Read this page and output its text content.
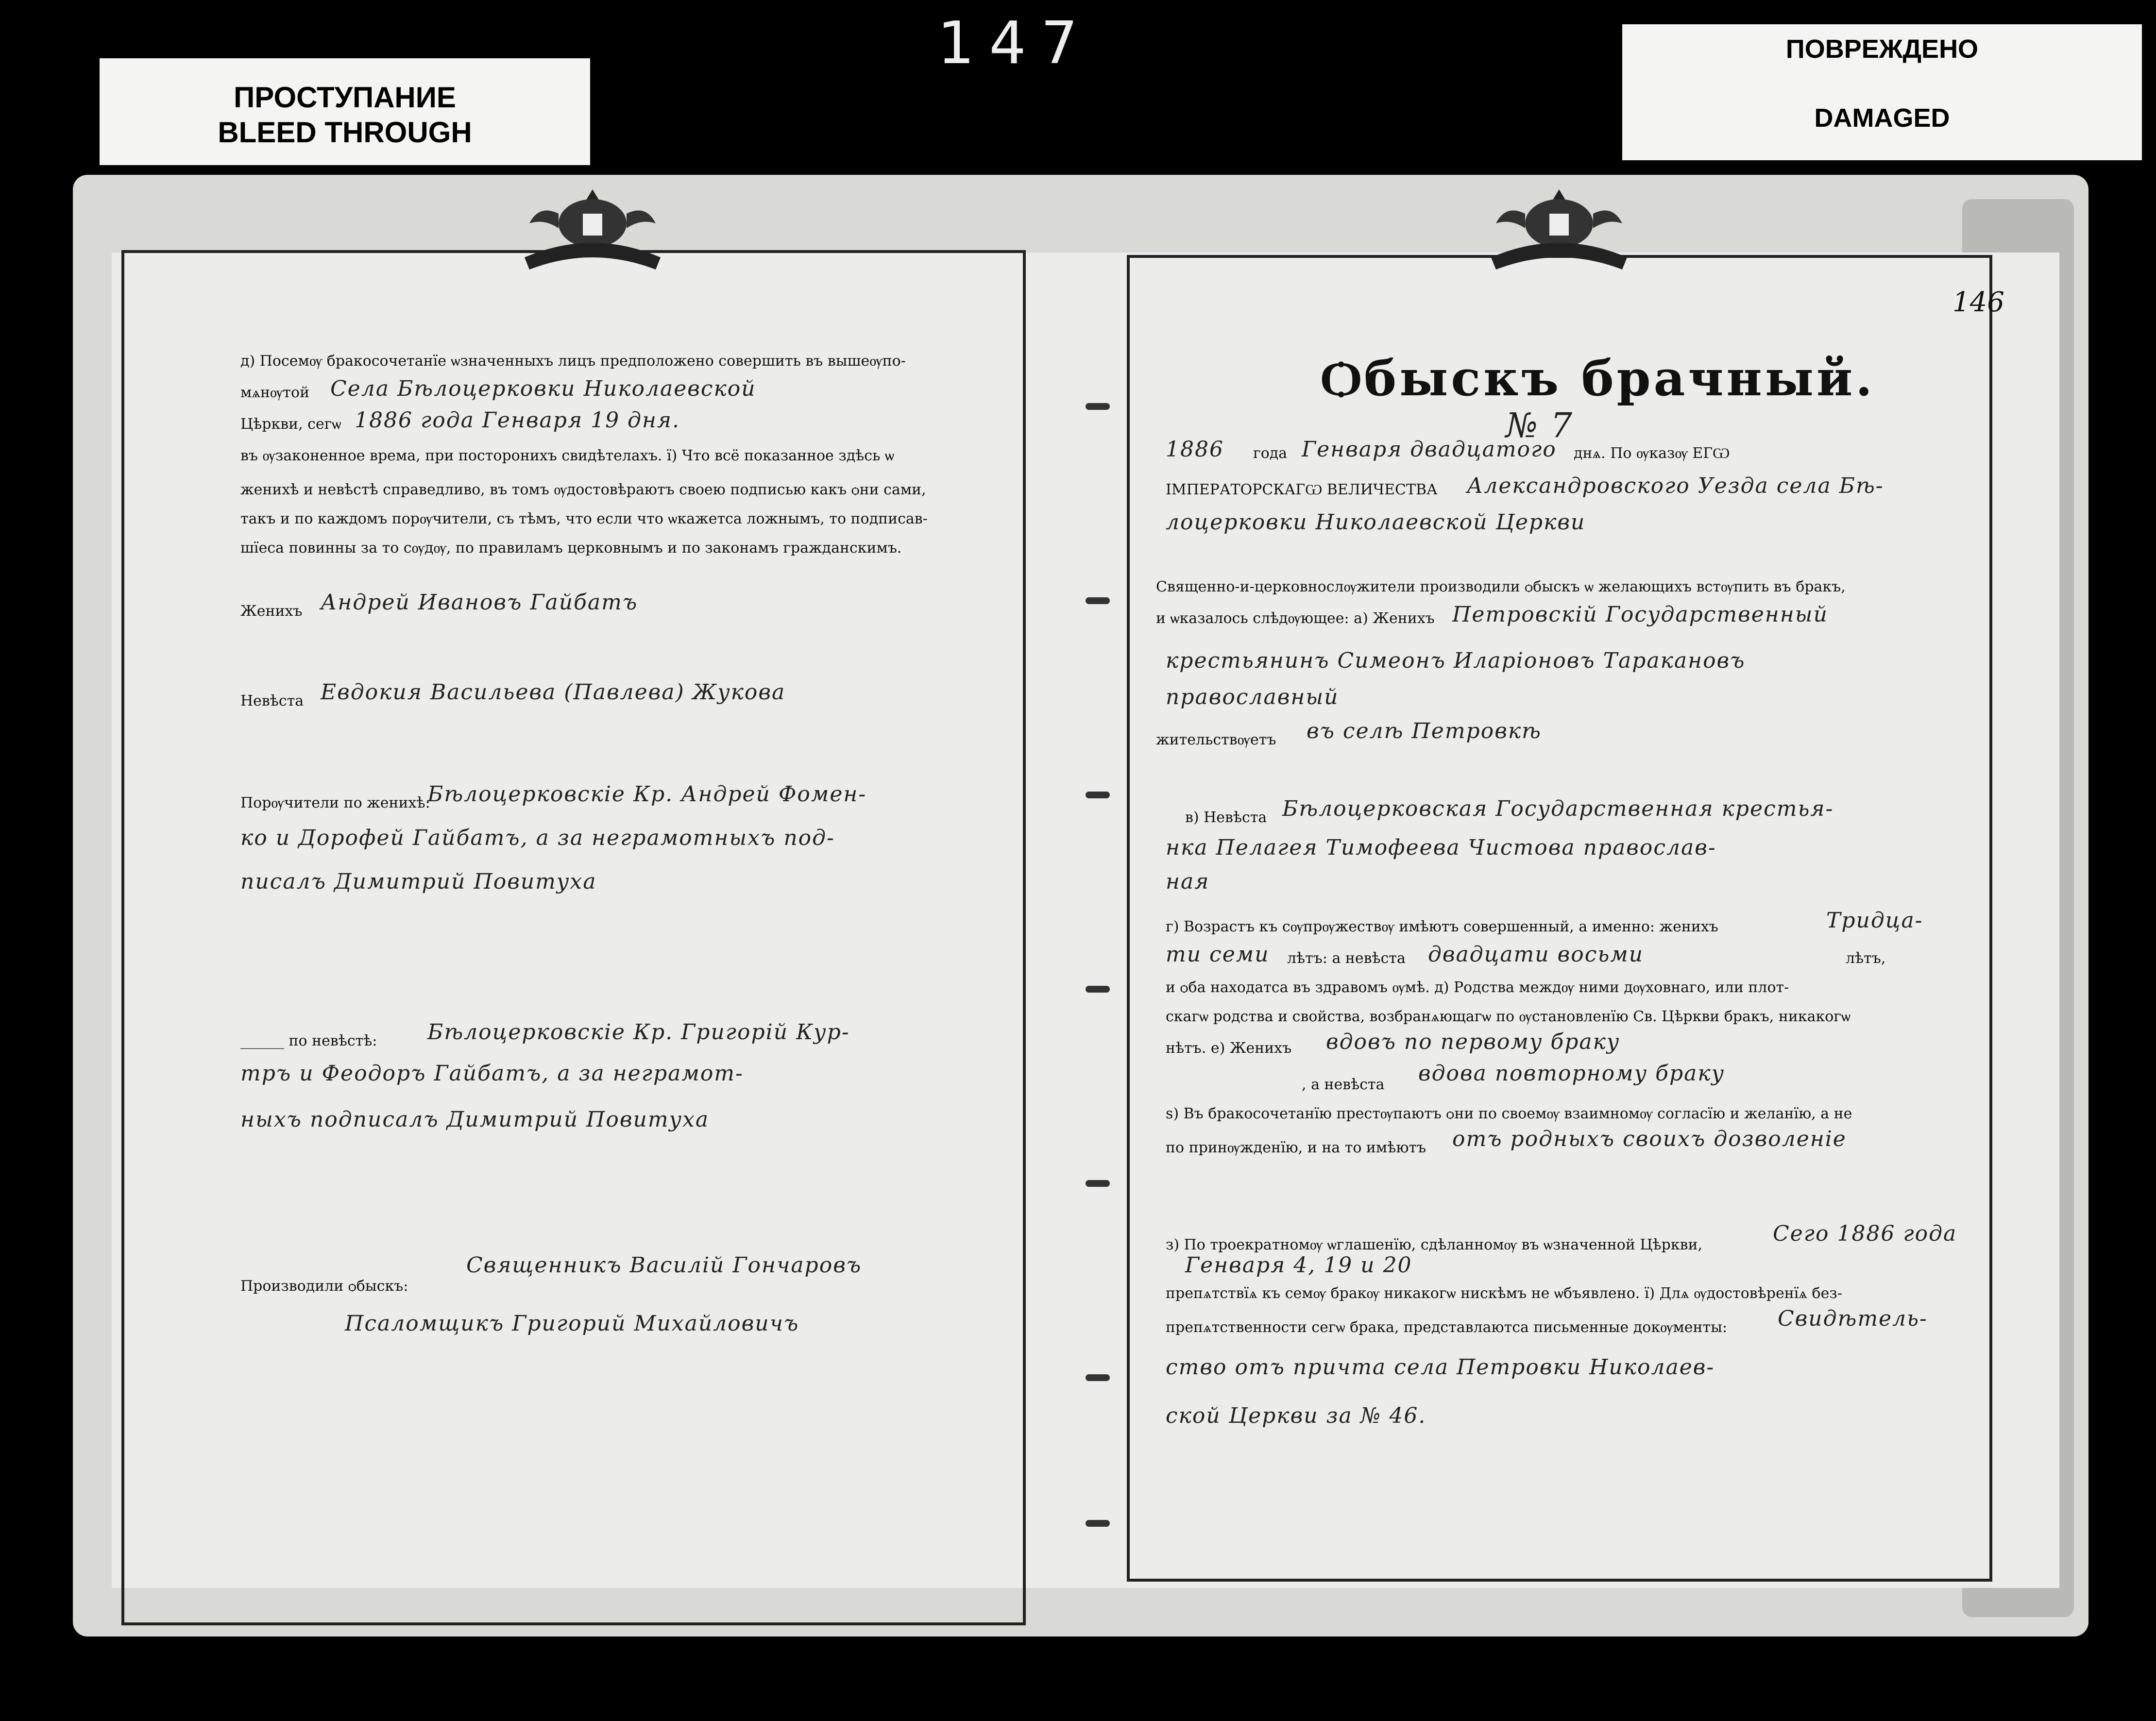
147
ПРОСТУПАНИЕ
BLEED THROUGH
ПОВРЕЖДЕНО
DAMAGED
д) Посемѹ бракосочетанїе ѡзначенныхъ лицъ предположено совершить въ вышеѹпо-
мѧнѹтой Села Бѣлоцерковки Николаевской
Цѣркви, сегѡ 1886 года Генваря 19 дня.
въ ѹзаконенное врема, при посторонихъ свидѣтелахъ. ї) Что всё показанное здѣсь ѡ
женихѣ и невѣстѣ справедливо, въ томъ ѹдостовѣраютъ своею подписью какъ ѻни сами,
такъ и по каждомъ порѹчители, съ тѣмъ, что если что ѡкажетса ложнымъ, то подписав-
шїеса повинны за то сѹдѹ, по правиламъ церковнымъ и по законамъ гражданскимъ.
Женихъ Андрей Ивановъ Гайбатъ
Невѣста Евдокия Васильева (Павлева) Жукова
Порѹчители по женихѣ:
Бѣлоцерковскіе Кр. Андрей Фомен-
ко и Дорофей Гайбатъ, а за неграмотныхъ под-
писалъ Димитрий Повитуха
______ по невѣстѣ: Бѣлоцерковскіе Кр. Григорій Кур-
тръ и Феодоръ Гайбатъ, а за неграмот-
ныхъ подписалъ Димитрий Повитуха
Производили ѻбыскъ:
Священникъ Василій Гончаровъ
Псаломщикъ Григорий Михайловичъ
146
Ѻбыскъ брачный.
№ 7
1886 года Генваря двадцатого днѧ. По ѹказѹ ЕГѠ
ІМПЕРАТОРСКАГѠ ВЕЛИЧЕСТВА Александровского Уезда села Бѣ-
лоцерковки Николаевской Церкви
Священно-и-церковнослѹжители производили ѻбыскъ ѡ желающихъ встѹпить въ бракъ,
и ѡказалось слѣдѹющее: а) Женихъ Петровскій Государственный
крестьянинъ Симеонъ Иларіоновъ Таракановъ
православный
жительствѹетъ въ селѣ Петровкѣ
в) Невѣста Бѣлоцерковская Государственная крестья-
нка Пелагея Тимофеева Чистова православ-
ная
г) Возрастъ къ сѹпрѹжествѹ имѣютъ совершенный, а именно: женихъ	Тридца-
ти семи лѣтъ: а невѣста двадцати восьми	лѣтъ,
и ѻба находатса въ здравомъ ѹмѣ. д) Родства междѹ ними дѹховнаго, или плот-
скагѡ родства и свойства, возбранѧющагѡ по ѹстановленїю Св. Цѣркви бракъ, никакогѡ
нѣтъ. е) Женихъ вдовъ по первому браку
, а невѣста вдова повторному браку
ѕ) Въ бракосочетанїю престѹпаютъ ѻни по своемѹ взаимномѹ согласїю и желанїю, а не
по принѹжденїю, и на то имѣютъ отъ родныхъ своихъ дозволеніе
з) По троекратномѹ ѡглашенїю, сдѣланномѹ въ ѡзначенной Цѣркви,	Сего 1886 года
Генваря 4, 19 и 20
препѧтствїѧ къ семѹ бракѹ никакогѡ нискѣмъ не ѡбъявлено. ї) Длѧ ѹдостовѣренїѧ без-
препѧтственности сегѡ брака, представлаютса письменные докѹменты: Свидѣтель-
ство отъ причта села Петровки Николаев-
ской Церкви за № 46.
